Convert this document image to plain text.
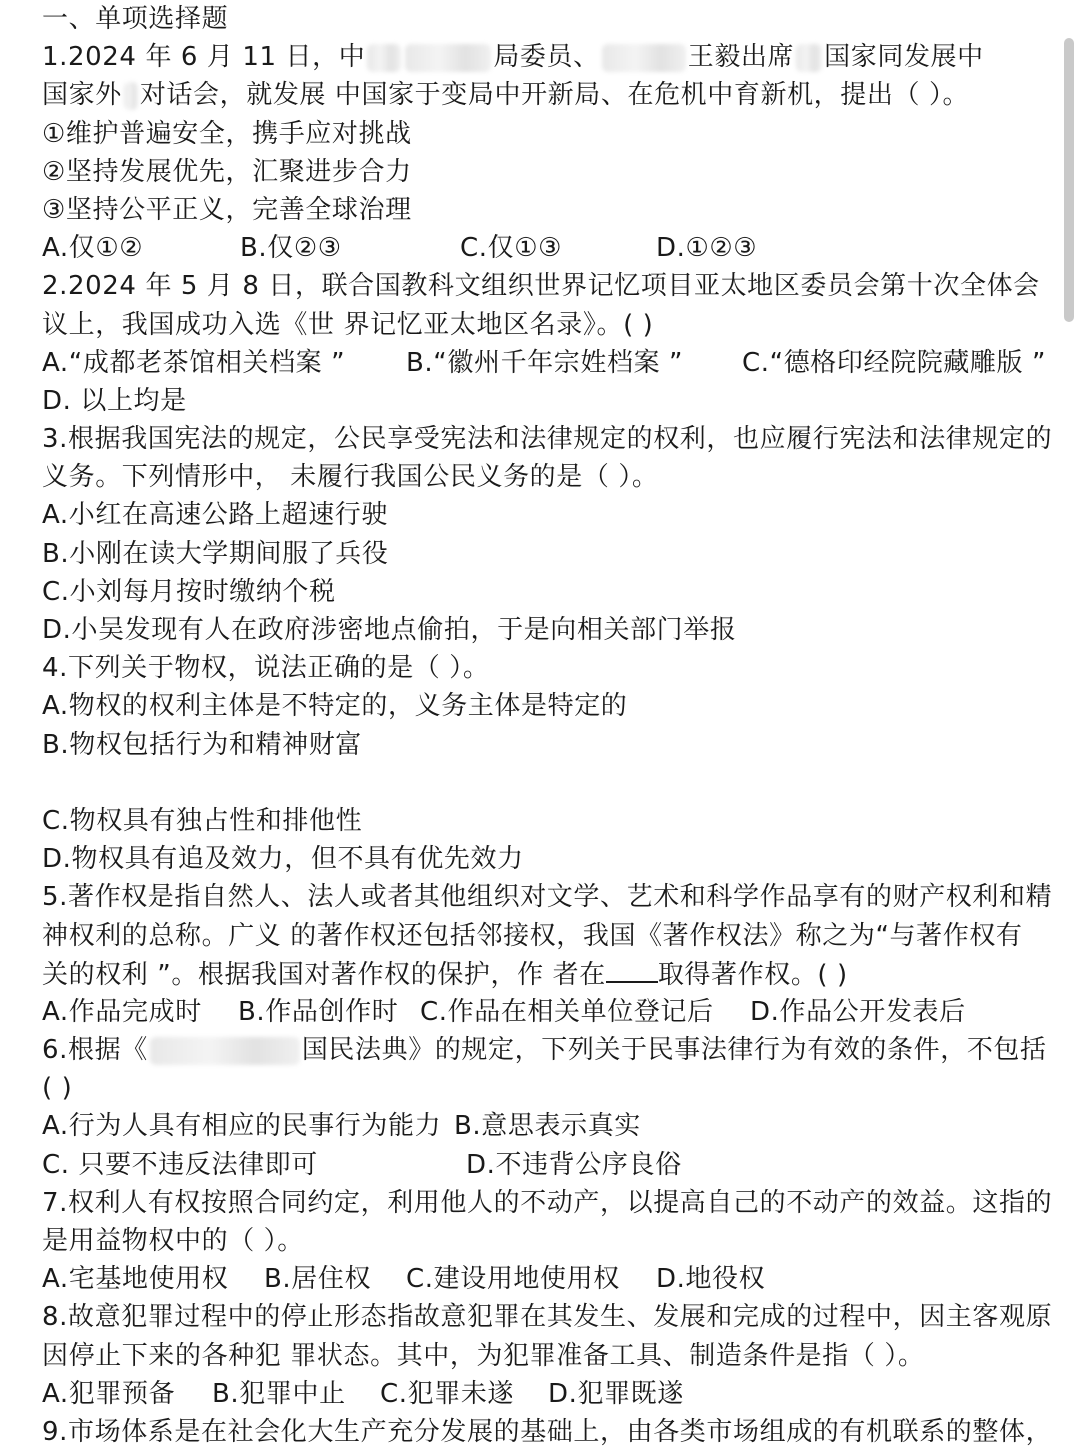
一、单项选择题
1.2024 年 6 月 11 日，中	局委员、	王毅出席 国家同发展中
国家外 对话会，就发展 中国家于变局中开新局、在危机中育新机，提出（ ）。
①维护普遍安全，携手应对挑战
②坚持发展优先，汇聚进步合力
③坚持公平正义，完善全球治理
A.仅①②	B.仅②③	C.仅①③	D.①②③
2.2024 年 5 月 8 日，联合国教科文组织世界记忆项目亚太地区委员会第十次全体会
议上，我国成功入选《世 界记忆亚太地区名录》。( )
A.“成都老茶馆相关档案 ”	B.“徽州千年宗姓档案 ”	C.“德格印经院院藏雕版 ”
D. 以上均是
3.根据我国宪法的规定，公民享受宪法和法律规定的权利，也应履行宪法和法律规定的
义务。下列情形中， 未履行我国公民义务的是（ ）。
A.小红在高速公路上超速行驶
B.小刚在读大学期间服了兵役
C.小刘每月按时缴纳个税
D.小吴发现有人在政府涉密地点偷拍，于是向相关部门举报
4.下列关于物权，说法正确的是（ ）。
A.物权的权利主体是不特定的，义务主体是特定的
B.物权包括行为和精神财富
C.物权具有独占性和排他性
D.物权具有追及效力，但不具有优先效力
5.著作权是指自然人、法人或者其他组织对文学、艺术和科学作品享有的财产权利和精
神权利的总称。广义 的著作权还包括邻接权，我国《著作权法》称之为“与著作权有
关的权利 ”。根据我国对著作权的保护，作 者在 取得著作权。( )
A.作品完成时	B.作品创作时 C.作品在相关单位登记后	D.作品公开发表后
6.根据《	国民法典》的规定，下列关于民事法律行为有效的条件，不包括
( )
A.行为人具有相应的民事行为能力 B.意思表示真实
C. 只要不违反法律即可	D.不违背公序良俗
7.权利人有权按照合同约定，利用他人的不动产，以提高自己的不动产的效益。这指的
是用益物权中的（ ）。
A.宅基地使用权	B.居住权	C.建设用地使用权	D.地役权
8.故意犯罪过程中的停止形态指故意犯罪在其发生、发展和完成的过程中，因主客观原
因停止下来的各种犯 罪状态。其中，为犯罪准备工具、制造条件是指（ ）。
A.犯罪预备	B.犯罪中止	C.犯罪未遂	D.犯罪既遂
9.市场体系是在社会化大生产充分发展的基础上，由各类市场组成的有机联系的整体，
